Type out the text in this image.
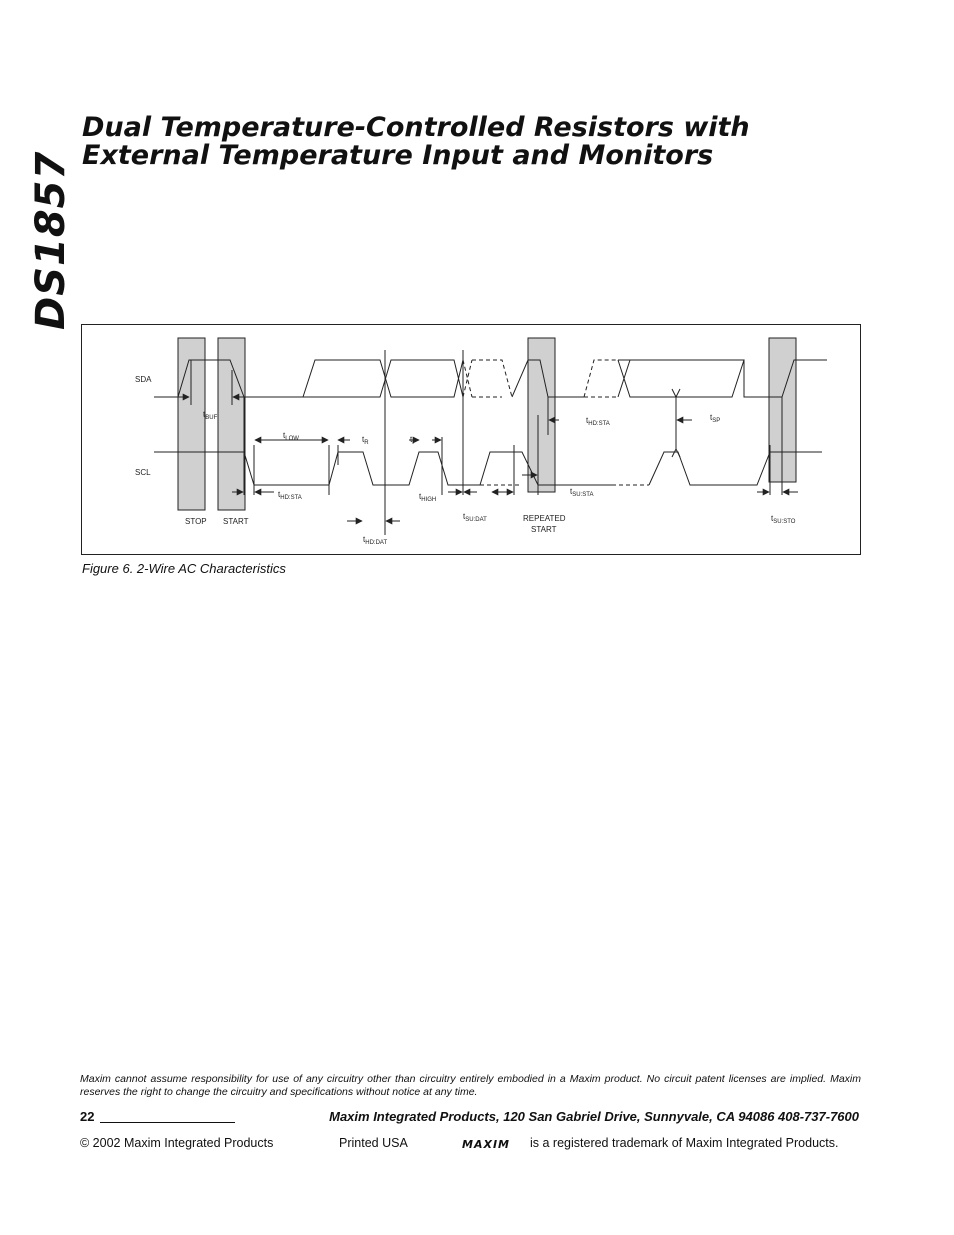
DS1857
Dual Temperature-Controlled Resistors with
External Temperature Input and Monitors
SDA
SCL
STOP START	REPEATED
START
$t_{BUF}$
$t_{LOW}$	$t_R$	$t_F$
$t_{HD:STA}$	$t_{HIGH}$
$t_{HD:STA}$
$t_{SP}$
$t_{SU:STA}$
$t_{SU:DAT}$
$t_{HD:DAT}$
$t_{SU:STO}$
Figure 6. 2-Wire AC Characteristics
Maxim cannot assume responsibility for use of any circuitry other than circuitry entirely embodied in a Maxim product. No circuit patent licenses are implied. Maxim reserves the right to change the circuitry and specifications without notice at any time.
22	Maxim Integrated Products, 120 San Gabriel Drive, Sunnyvale, CA 94086 408-737-7600
© 2002 Maxim Integrated Products	Printed USA	MAXIM is a registered trademark of Maxim Integrated Products.
